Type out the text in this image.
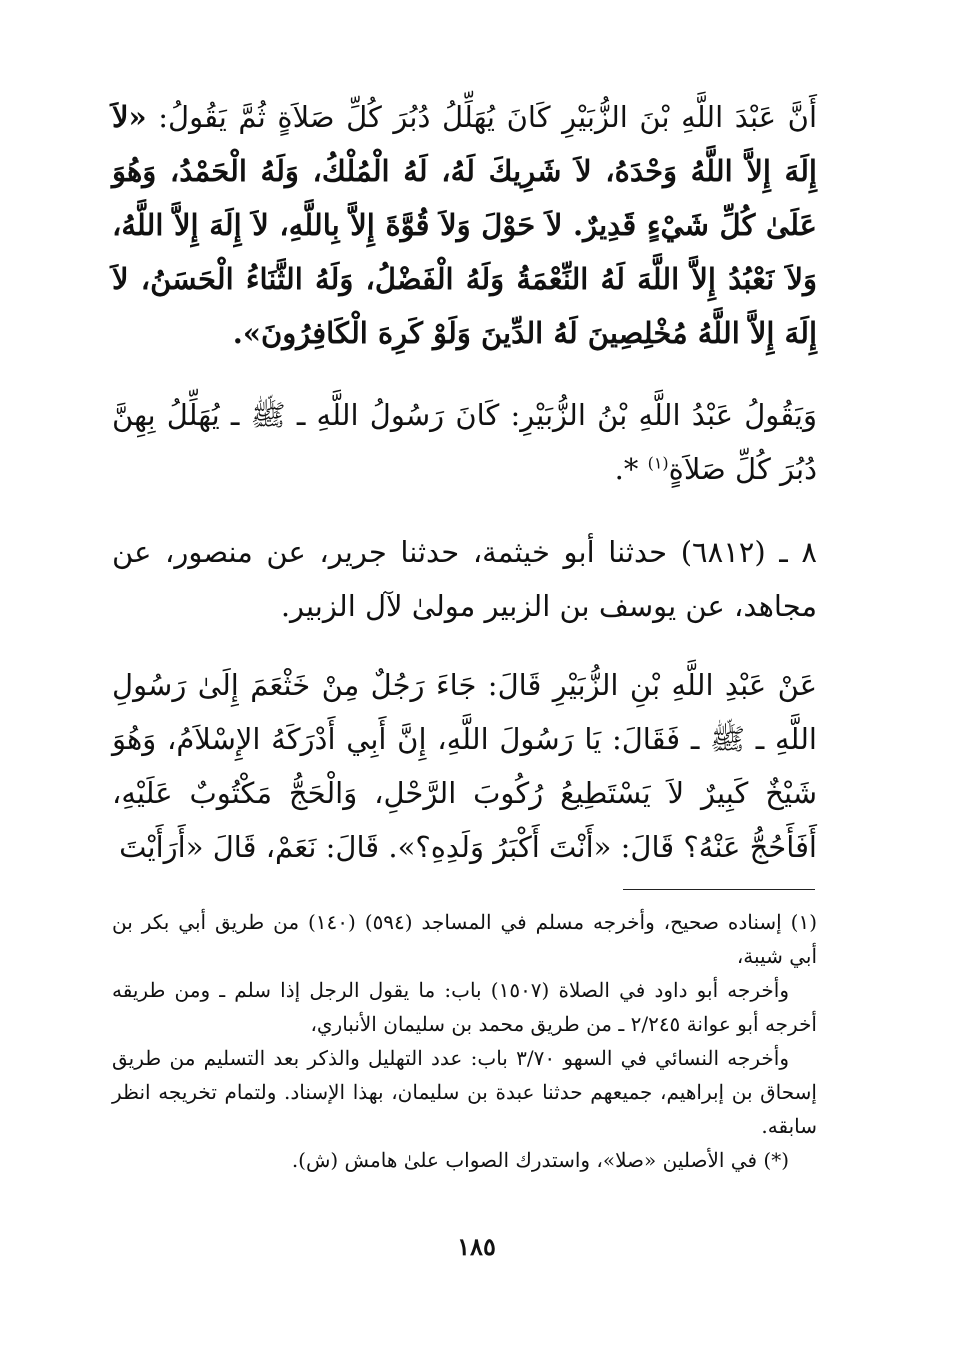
أَنَّ عَبْدَ اللَّهِ بْنَ الزُّبَيْرِ كَانَ يُهَلِّلُ دُبُرَ كُلِّ صَلاَةٍ ثُمَّ يَقُولُ: «لاَ إِلَهَ إِلاَّ اللَّهُ وَحْدَهُ، لاَ شَرِيكَ لَهُ، لَهُ الْمُلْكُ، وَلَهُ الْحَمْدُ، وَهُوَ عَلَىٰ كُلِّ شَيْءٍ قَدِيرٌ. لاَ حَوْلَ وَلاَ قُوَّةَ إِلاَّ بِاللَّهِ، لاَ إِلَهَ إِلاَّ اللَّهُ، وَلاَ نَعْبُدُ إِلاَّ اللَّهَ لَهُ النِّعْمَةُ وَلَهُ الْفَضْلُ، وَلَهُ الثَّنَاءُ الْحَسَنُ، لاَ إِلَهَ إِلاَّ اللَّهُ مُخْلِصِينَ لَهُ الدِّينَ وَلَوْ كَرِهَ الْكَافِرُونَ».

وَيَقُولُ عَبْدُ اللَّهِ بْنُ الزُّبَيْرِ: كَانَ رَسُولُ اللَّهِ ـ ﷺ ـ يُهَلِّلُ بِهِنَّ دُبُرَ كُلِّ صَلاَةٍ$^{(١)}$ *.

٨ ـ (٦٨١٢) حدثنا أبو خيثمة، حدثنا جرير، عن منصور، عن مجاهد، عن يوسف بن الزبير مولىٰ لآل الزبير.

عَنْ عَبْدِ اللَّهِ بْنِ الزُّبَيْرِ قَالَ: جَاءَ رَجُلٌ مِنْ خَثْعَمَ إِلَىٰ رَسُولِ اللَّهِ ـ ﷺ ـ فَقَالَ: يَا رَسُولَ اللَّهِ، إِنَّ أَبِي أَدْرَكَهُ الإِسْلاَمُ، وَهُوَ شَيْخٌ كَبِيرٌ لاَ يَسْتَطِيعُ رُكُوبَ الرَّحْلِ، وَالْحَجُّ مَكْتُوبٌ عَلَيْهِ، أَفَأَحُجُّ عَنْهُ؟ قَالَ: «أَنْتَ أَكْبَرُ وَلَدِهِ؟». قَالَ: نَعَمْ، قَالَ «أَرَأَيْتَ

(١) إسناده صحيح، وأخرجه مسلم في المساجد (٥٩٤) (١٤٠) من طريق أبي بكر بن أبي شيبة،

وأخرجه أبو داود في الصلاة (١٥٠٧) باب: ما يقول الرجل إذا سلم ـ ومن طريقه أخرجه أبو عوانة ٢/٢٤٥ ـ من طريق محمد بن سليمان الأنباري،

وأخرجه النسائي في السهو ٣/٧٠ باب: عدد التهليل والذكر بعد التسليم من طريق إسحاق بن إبراهيم، جميعهم حدثنا عبدة بن سليمان، بهذا الإسناد. ولتمام تخريجه انظر سابقه.

(*) في الأصلين «صلا»، واستدرك الصواب علىٰ هامش (ش).

١٨٥
